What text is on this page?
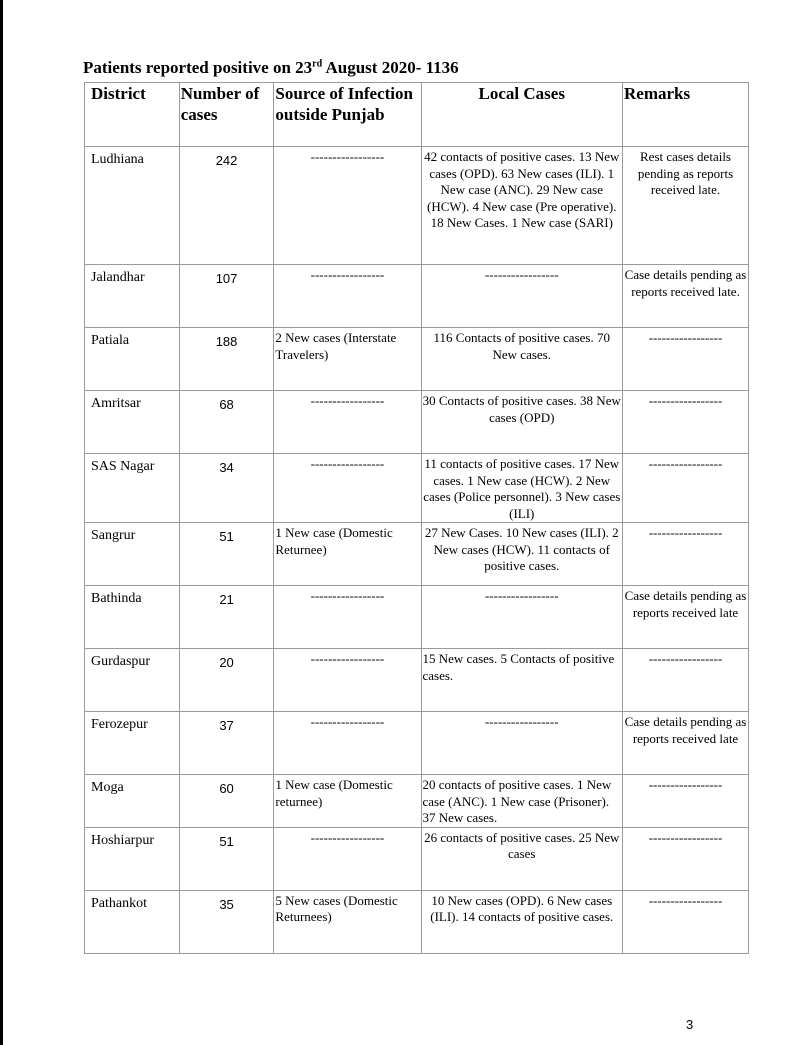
Patients reported positive on 23rd August 2020- 1136
District	Number of cases	Source of Infection outside Punjab	Local Cases	Remarks
Ludhiana	242	-----------------	42 contacts of positive cases. 13 New cases (OPD). 63 New cases (ILI). 1 New case (ANC). 29 New case (HCW). 4 New case (Pre operative). 18 New Cases. 1 New case (SARI)	Rest cases details pending as reports received late.
Jalandhar	107	-----------------	-----------------	Case details pending as reports received late.
Patiala	188	2 New cases (Interstate Travelers)	116 Contacts of positive cases. 70 New cases.	-----------------
Amritsar	68	-----------------	30 Contacts of positive cases. 38 New cases (OPD)	-----------------
SAS Nagar	34	-----------------	11 contacts of positive cases. 17 New cases. 1 New case (HCW). 2 New cases (Police personnel). 3 New cases (ILI)	-----------------
Sangrur	51	1 New case (Domestic Returnee)	27 New Cases. 10 New cases (ILI). 2 New cases (HCW). 11 contacts of positive cases.	-----------------
Bathinda	21	-----------------	-----------------	Case details pending as reports received late
Gurdaspur	20	-----------------	15 New cases. 5 Contacts of positive cases.	-----------------
Ferozepur	37	-----------------	-----------------	Case details pending as reports received late
Moga	60	1 New case (Domestic returnee)	20 contacts of positive cases. 1 New case (ANC). 1 New case (Prisoner). 37 New cases.	-----------------
Hoshiarpur	51	-----------------	26 contacts of positive cases. 25 New cases	-----------------
Pathankot	35	5 New cases (Domestic Returnees)	10 New cases (OPD). 6 New cases (ILI). 14 contacts of positive cases.	-----------------
3
